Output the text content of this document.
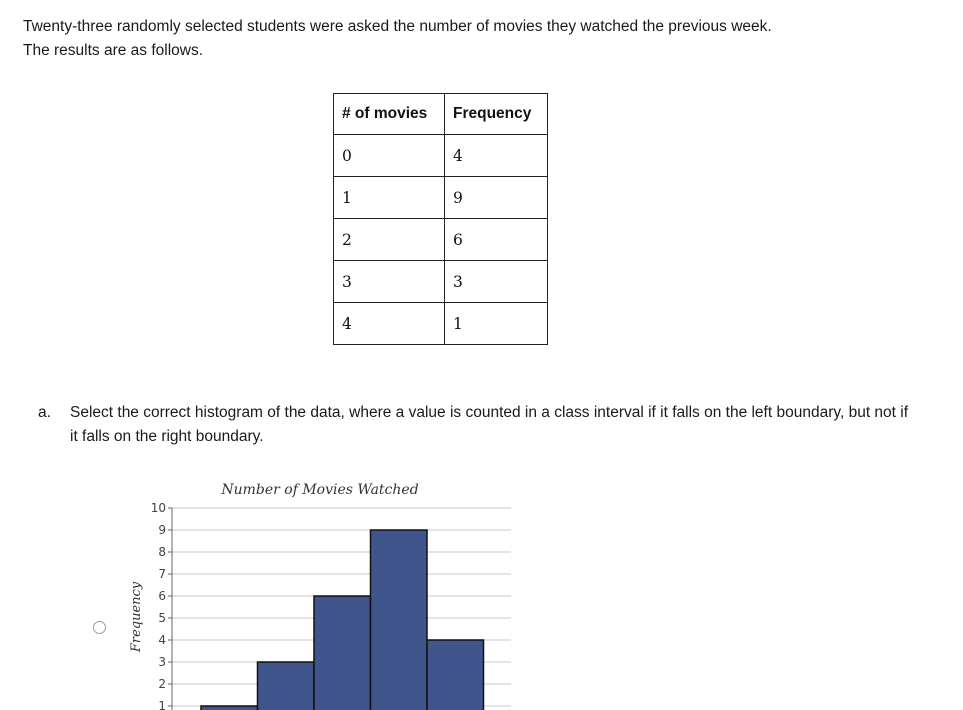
Twenty-three randomly selected students were asked the number of movies they watched the previous week.

The results are as follows.

# of movies	Frequency
0	4
1	9
2	6
3	3
4	1
a. Select the correct histogram of the data, where a value is counted in a class interval if it falls on the left boundary, but not if it falls on the right boundary.
Number of Movies Watched
Frequency
1
2
3
4
5
6
7
8
9
10
